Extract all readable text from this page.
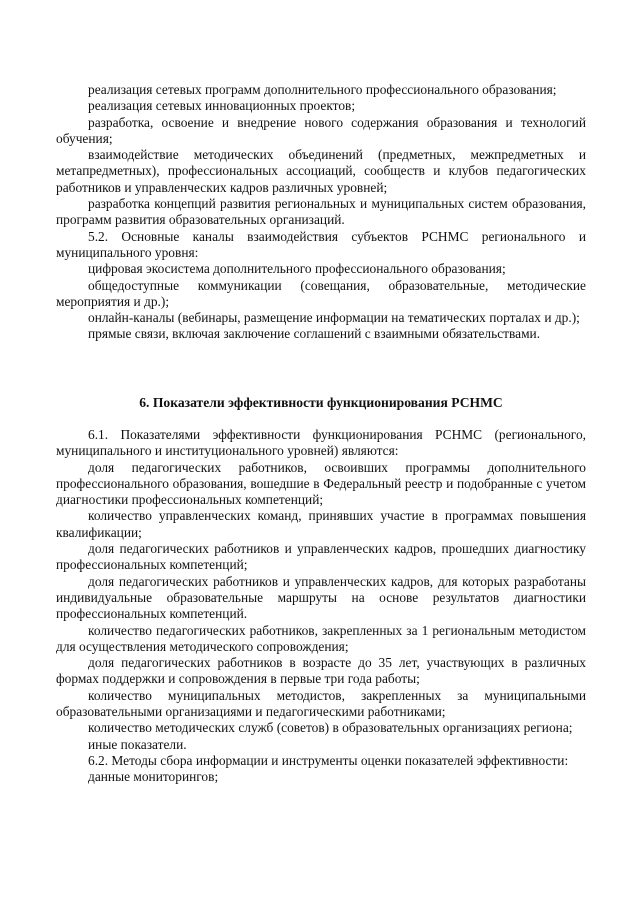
реализация сетевых программ дополнительного профессионального образования;
реализация сетевых инновационных проектов;
разработка, освоение и внедрение нового содержания образования и технологий обучения;
взаимодействие методических объединений (предметных, межпредметных и метапредметных), профессиональных ассоциаций, сообществ и клубов педагогических работников и управленческих кадров различных уровней;
разработка концепций развития региональных и муниципальных систем образования, программ развития образовательных организаций.
5.2. Основные каналы взаимодействия субъектов РСНМС регионального и муниципального уровня:
цифровая экосистема дополнительного профессионального образования;
общедоступные коммуникации (совещания, образовательные, методические мероприятия и др.);
онлайн-каналы (вебинары, размещение информации на тематических порталах и др.);
прямые связи, включая заключение соглашений с взаимными обязательствами.
6. Показатели эффективности функционирования РСНМС
6.1. Показателями эффективности функционирования РСНМС (регионального, муниципального и институционального уровней) являются:
доля педагогических работников, освоивших программы дополнительного профессионального образования, вошедшие в Федеральный реестр и подобранные с учетом диагностики профессиональных компетенций;
количество управленческих команд, принявших участие в программах повышения квалификации;
доля педагогических работников и управленческих кадров, прошедших диагностику профессиональных компетенций;
доля педагогических работников и управленческих кадров, для которых разработаны индивидуальные образовательные маршруты на основе результатов диагностики профессиональных компетенций.
количество педагогических работников, закрепленных за 1 региональным методистом для осуществления методического сопровождения;
доля педагогических работников в возрасте до 35 лет, участвующих в различных формах поддержки и сопровождения в первые три года работы;
количество муниципальных методистов, закрепленных за муниципальными образовательными организациями и педагогическими работниками;
количество методических служб (советов) в образовательных организациях региона;
иные показатели.
6.2. Методы сбора информации и инструменты оценки показателей эффективности:
данные мониторингов;
